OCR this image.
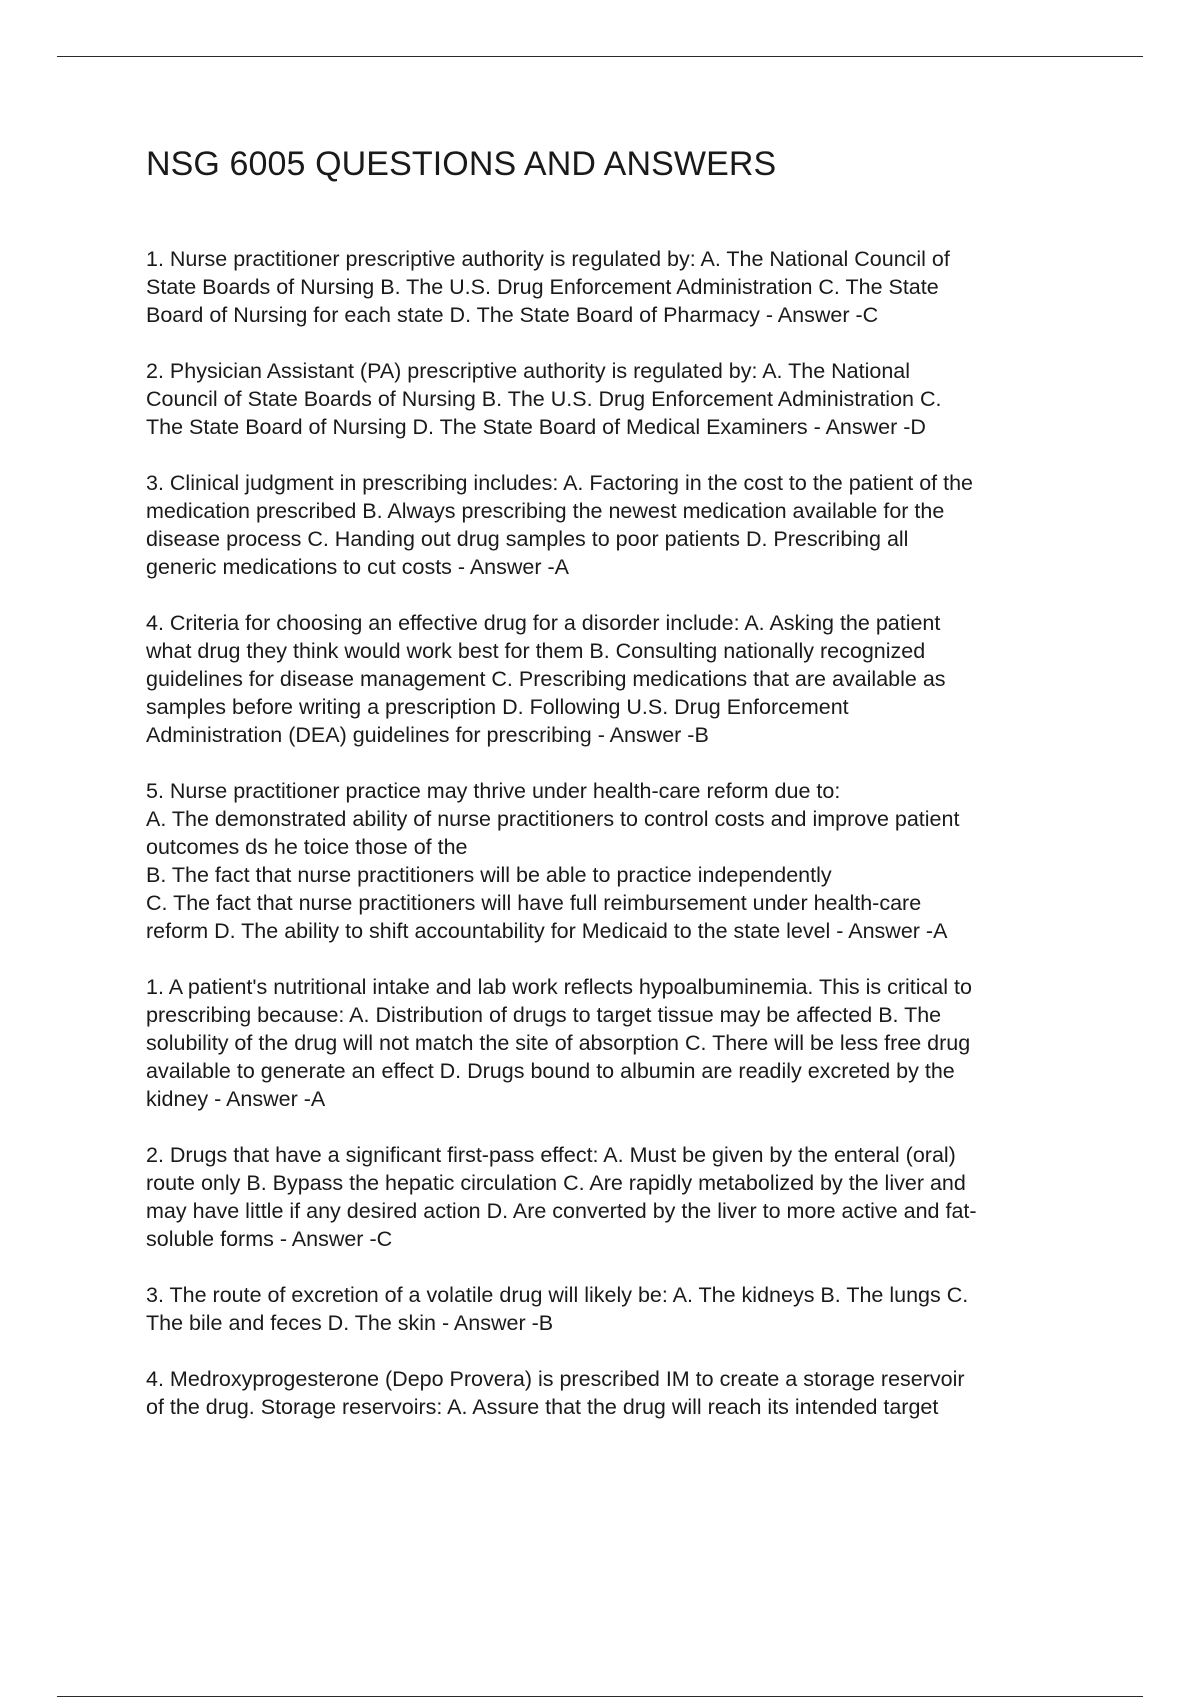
NSG 6005 QUESTIONS AND ANSWERS
1. Nurse practitioner prescriptive authority is regulated by: A. The National Council of
State Boards of Nursing B. The U.S. Drug Enforcement Administration C. The State
Board of Nursing for each state D. The State Board of Pharmacy - Answer -C
2. Physician Assistant (PA) prescriptive authority is regulated by: A. The National
Council of State Boards of Nursing B. The U.S. Drug Enforcement Administration C.
The State Board of Nursing D. The State Board of Medical Examiners - Answer -D
3. Clinical judgment in prescribing includes: A. Factoring in the cost to the patient of the
medication prescribed B. Always prescribing the newest medication available for the
disease process C. Handing out drug samples to poor patients D. Prescribing all
generic medications to cut costs - Answer -A
4. Criteria for choosing an effective drug for a disorder include: A. Asking the patient
what drug they think would work best for them B. Consulting nationally recognized
guidelines for disease management C. Prescribing medications that are available as
samples before writing a prescription D. Following U.S. Drug Enforcement
Administration (DEA) guidelines for prescribing - Answer -B
5. Nurse practitioner practice may thrive under health-care reform due to:
A. The demonstrated ability of nurse practitioners to control costs and improve patient
outcomes ds he toice those of the
B. The fact that nurse practitioners will be able to practice independently
C. The fact that nurse practitioners will have full reimbursement under health-care
reform D. The ability to shift accountability for Medicaid to the state level - Answer -A
1. A patient's nutritional intake and lab work reflects hypoalbuminemia. This is critical to
prescribing because: A. Distribution of drugs to target tissue may be affected B. The
solubility of the drug will not match the site of absorption C. There will be less free drug
available to generate an effect D. Drugs bound to albumin are readily excreted by the
kidney - Answer -A
2. Drugs that have a significant first-pass effect: A. Must be given by the enteral (oral)
route only B. Bypass the hepatic circulation C. Are rapidly metabolized by the liver and
may have little if any desired action D. Are converted by the liver to more active and fat-
soluble forms - Answer -C
3. The route of excretion of a volatile drug will likely be: A. The kidneys B. The lungs C.
The bile and feces D. The skin - Answer -B
4. Medroxyprogesterone (Depo Provera) is prescribed IM to create a storage reservoir
of the drug. Storage reservoirs: A. Assure that the drug will reach its intended target
